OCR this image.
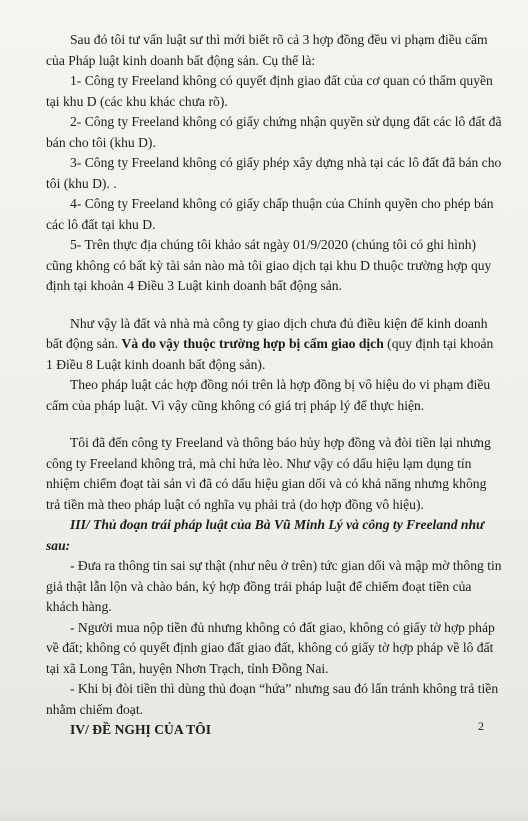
Sau đó tôi tư vấn luật sư thì mới biết rõ cả 3 hợp đồng đều vi phạm điều cấm của Pháp luật kinh doanh bất động sản. Cụ thể là:

1- Công ty Freeland không có quyết định giao đất của cơ quan có thẩm quyền tại khu D (các khu khác chưa rõ).

2- Công ty Freeland không có giấy chứng nhận quyền sử dụng đất các lô đất đã bán cho tôi (khu D).

3- Công ty Freeland không có giấy phép xây dựng nhà tại các lô đất đã bán cho tôi (khu D). .

4- Công ty Freeland không có giấy chấp thuận của Chính quyền cho phép bán các lô đất tại khu D.

5- Trên thực địa chúng tôi khảo sát ngày 01/9/2020 (chúng tôi có ghi hình) cũng không có bất kỳ tài sản nào mà tôi giao dịch tại khu D thuộc trường hợp quy định tại khoản 4 Điều 3 Luật kinh doanh bất động sản.

Như vậy là đất và nhà mà công ty giao dịch chưa đủ điều kiện để kinh doanh bất động sản. Và do vậy thuộc trường hợp bị cấm giao dịch (quy định tại khoản 1 Điều 8 Luật kinh doanh bất động sản).

Theo pháp luật các hợp đồng nói trên là hợp đồng bị vô hiệu do vi phạm điều cấm của pháp luật. Vì vậy cũng không có giá trị pháp lý để thực hiện.

Tôi đã đến công ty Freeland và thông báo hủy hợp đồng và đòi tiền lại nhưng công ty Freeland không trả, mà chỉ hứa lèo. Như vậy có dấu hiệu lạm dụng tín nhiệm chiếm đoạt tài sản vì đã có dấu hiệu gian dối và có khả năng nhưng không trả tiền mà theo pháp luật có nghĩa vụ phải trả (do hợp đồng vô hiệu).

III/ Thủ đoạn trái pháp luật của Bà Vũ Minh Lý và công ty Freeland như sau:

- Đưa ra thông tin sai sự thật (như nêu ở trên) tức gian dối và mập mờ thông tin giả thật lẫn lộn và chào bán, ký hợp đồng trái pháp luật để chiếm đoạt tiền của khách hàng.

- Người mua nộp tiền đủ nhưng không có đất giao, không có giấy tờ hợp pháp về đất; không có quyết định giao đất giao đất, không có giấy tờ hợp pháp về lô đất tại xã Long Tân, huyện Nhơn Trạch, tỉnh Đồng Nai.

- Khi bị đòi tiền thì dùng thủ đoạn “hứa” nhưng sau đó lẩn tránh không trả tiền nhằm chiếm đoạt.

IV/ ĐỀ NGHỊ CỦA TÔI	2
